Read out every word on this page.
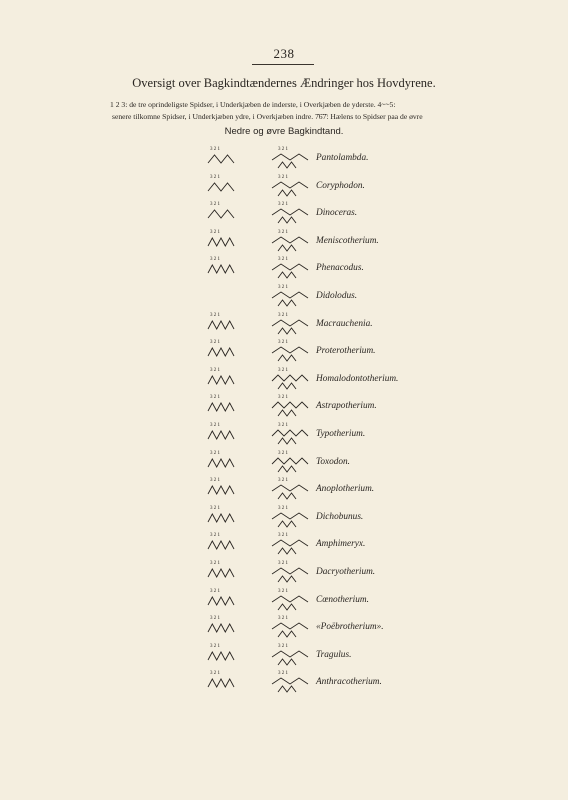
238
Oversigt over Bagkindtændernes Ændringer hos Hovdyrene.
1 2 3: de tre oprindeligste Spidser, i Underkjæben de inderste, i Overkjæben de yderste. 4~~5:
senere tilkomne Spidser, i Underkjæben ydre, i Overkjæben indre. 7̄6̄7̄: Hælens to Spidser paa de øvre
Nedre og øvre Bagkindtand.
3 2 1	3 2 1
Pantolambda.
3 2 1	3 2 1
Coryphodon.
3 2 1	3 2 1
Dinoceras.
3 2 1	3 2 1
Meniscotherium.
3 2 1	3 2 1
Phenacodus.
3 2 1
Didolodus.
3 2 1	3 2 1
Macrauchenia.
3 2 1	3 2 1
Proterotherium.
3 2 1	3 2 1
Homalodontotherium.
3 2 1	3 2 1
Astrapotherium.
3 2 1	3 2 1
Typotherium.
3 2 1	3 2 1
Toxodon.
3 2 1	3 2 1
Anoplotherium.
3 2 1	3 2 1
Dichobunus.
3 2 1	3 2 1
Amphimeryx.
3 2 1	3 2 1
Dacryotherium.
3 2 1	3 2 1
Cœnotherium.
3 2 1	3 2 1
«Poëbrotherium».
3 2 1	3 2 1
Tragulus.
3 2 1	3 2 1
Anthracotherium.
